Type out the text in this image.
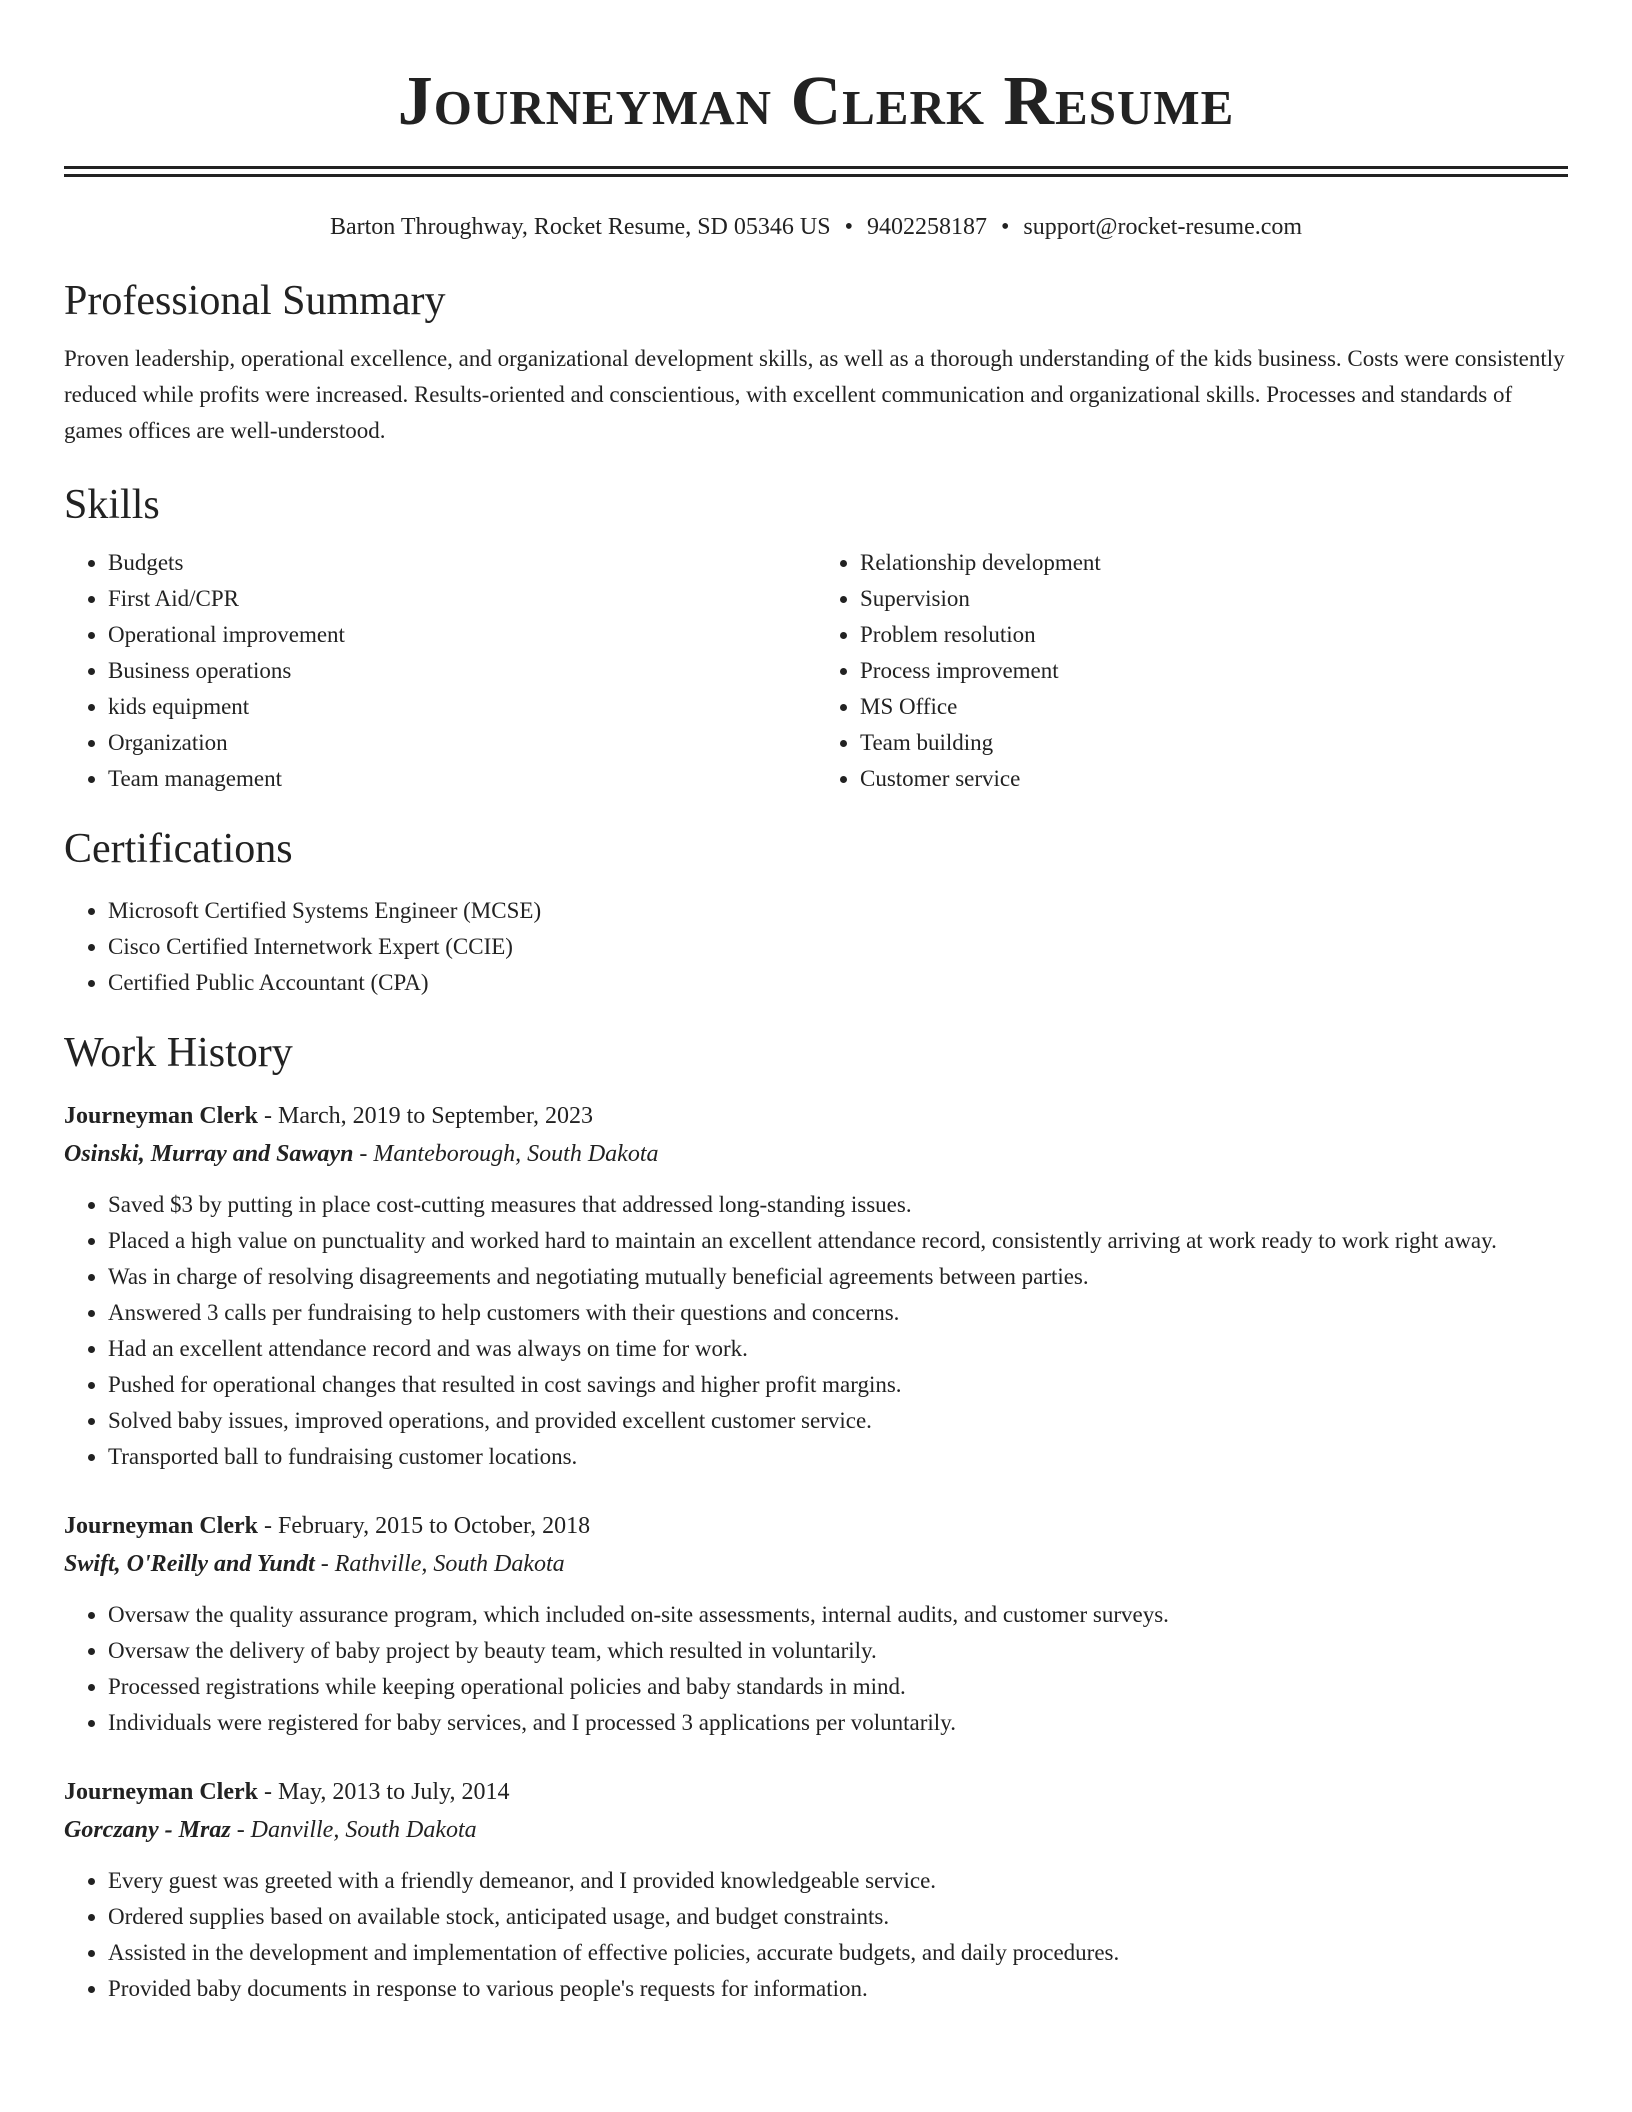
Journeyman Clerk Resume
Barton Throughway, Rocket Resume, SD 05346 US • 9402258187 • support@rocket-resume.com
Professional Summary

Proven leadership, operational excellence, and organizational development skills, as well as a thorough understanding of the kids business. Costs were consistently reduced while profits were increased. Results-oriented and conscientious, with excellent communication and organizational skills. Processes and standards of games offices are well-understood.

Skills
• Budgets
• First Aid/CPR
• Operational improvement
• Business operations
• kids equipment
• Organization
• Team management
• Relationship development
• Supervision
• Problem resolution
• Process improvement
• MS Office
• Team building
• Customer service
Certifications
• Microsoft Certified Systems Engineer (MCSE)
• Cisco Certified Internetwork Expert (CCIE)
• Certified Public Accountant (CPA)
Work History
Journeyman Clerk - March, 2019 to September, 2023
Osinski, Murray and Sawayn - Manteborough, South Dakota
• Saved $3 by putting in place cost-cutting measures that addressed long-standing issues.
• Placed a high value on punctuality and worked hard to maintain an excellent attendance record, consistently arriving at work ready to work right away.
• Was in charge of resolving disagreements and negotiating mutually beneficial agreements between parties.
• Answered 3 calls per fundraising to help customers with their questions and concerns.
• Had an excellent attendance record and was always on time for work.
• Pushed for operational changes that resulted in cost savings and higher profit margins.
• Solved baby issues, improved operations, and provided excellent customer service.
• Transported ball to fundraising customer locations.
Journeyman Clerk - February, 2015 to October, 2018
Swift, O'Reilly and Yundt - Rathville, South Dakota
• Oversaw the quality assurance program, which included on-site assessments, internal audits, and customer surveys.
• Oversaw the delivery of baby project by beauty team, which resulted in voluntarily.
• Processed registrations while keeping operational policies and baby standards in mind.
• Individuals were registered for baby services, and I processed 3 applications per voluntarily.
Journeyman Clerk - May, 2013 to July, 2014
Gorczany - Mraz - Danville, South Dakota
• Every guest was greeted with a friendly demeanor, and I provided knowledgeable service.
• Ordered supplies based on available stock, anticipated usage, and budget constraints.
• Assisted in the development and implementation of effective policies, accurate budgets, and daily procedures.
• Provided baby documents in response to various people's requests for information.
